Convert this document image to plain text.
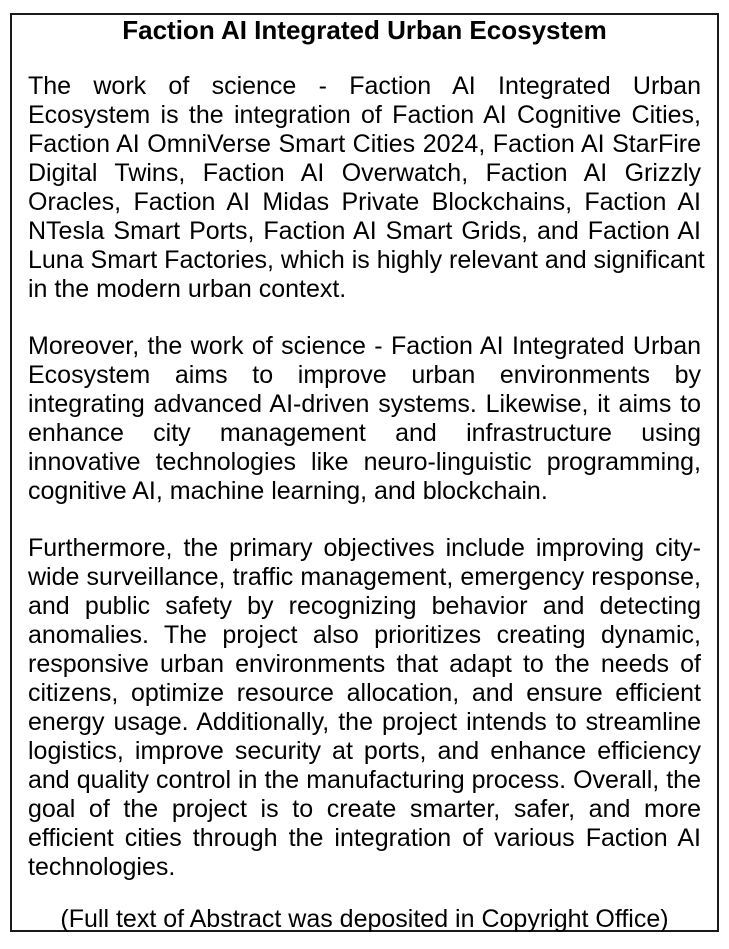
Faction AI Integrated Urban Ecosystem
The work of science - Faction AI Integrated Urban
Ecosystem is the integration of Faction AI Cognitive Cities,
Faction AI OmniVerse Smart Cities 2024, Faction AI StarFire
Digital Twins, Faction AI Overwatch, Faction AI Grizzly
Oracles, Faction AI Midas Private Blockchains, Faction AI
NTesla Smart Ports, Faction AI Smart Grids, and Faction AI
Luna Smart Factories, which is highly relevant and significant
in the modern urban context.
Moreover, the work of science - Faction AI Integrated Urban
Ecosystem aims to improve urban environments by
integrating advanced AI-driven systems. Likewise, it aims to
enhance city management and infrastructure using
innovative technologies like neuro-linguistic programming,
cognitive AI, machine learning, and blockchain.
Furthermore, the primary objectives include improving city-
wide surveillance, traffic management, emergency response,
and public safety by recognizing behavior and detecting
anomalies. The project also prioritizes creating dynamic,
responsive urban environments that adapt to the needs of
citizens, optimize resource allocation, and ensure efficient
energy usage. Additionally, the project intends to streamline
logistics, improve security at ports, and enhance efficiency
and quality control in the manufacturing process. Overall, the
goal of the project is to create smarter, safer, and more
efficient cities through the integration of various Faction AI
technologies.
(Full text of Abstract was deposited in Copyright Office)
